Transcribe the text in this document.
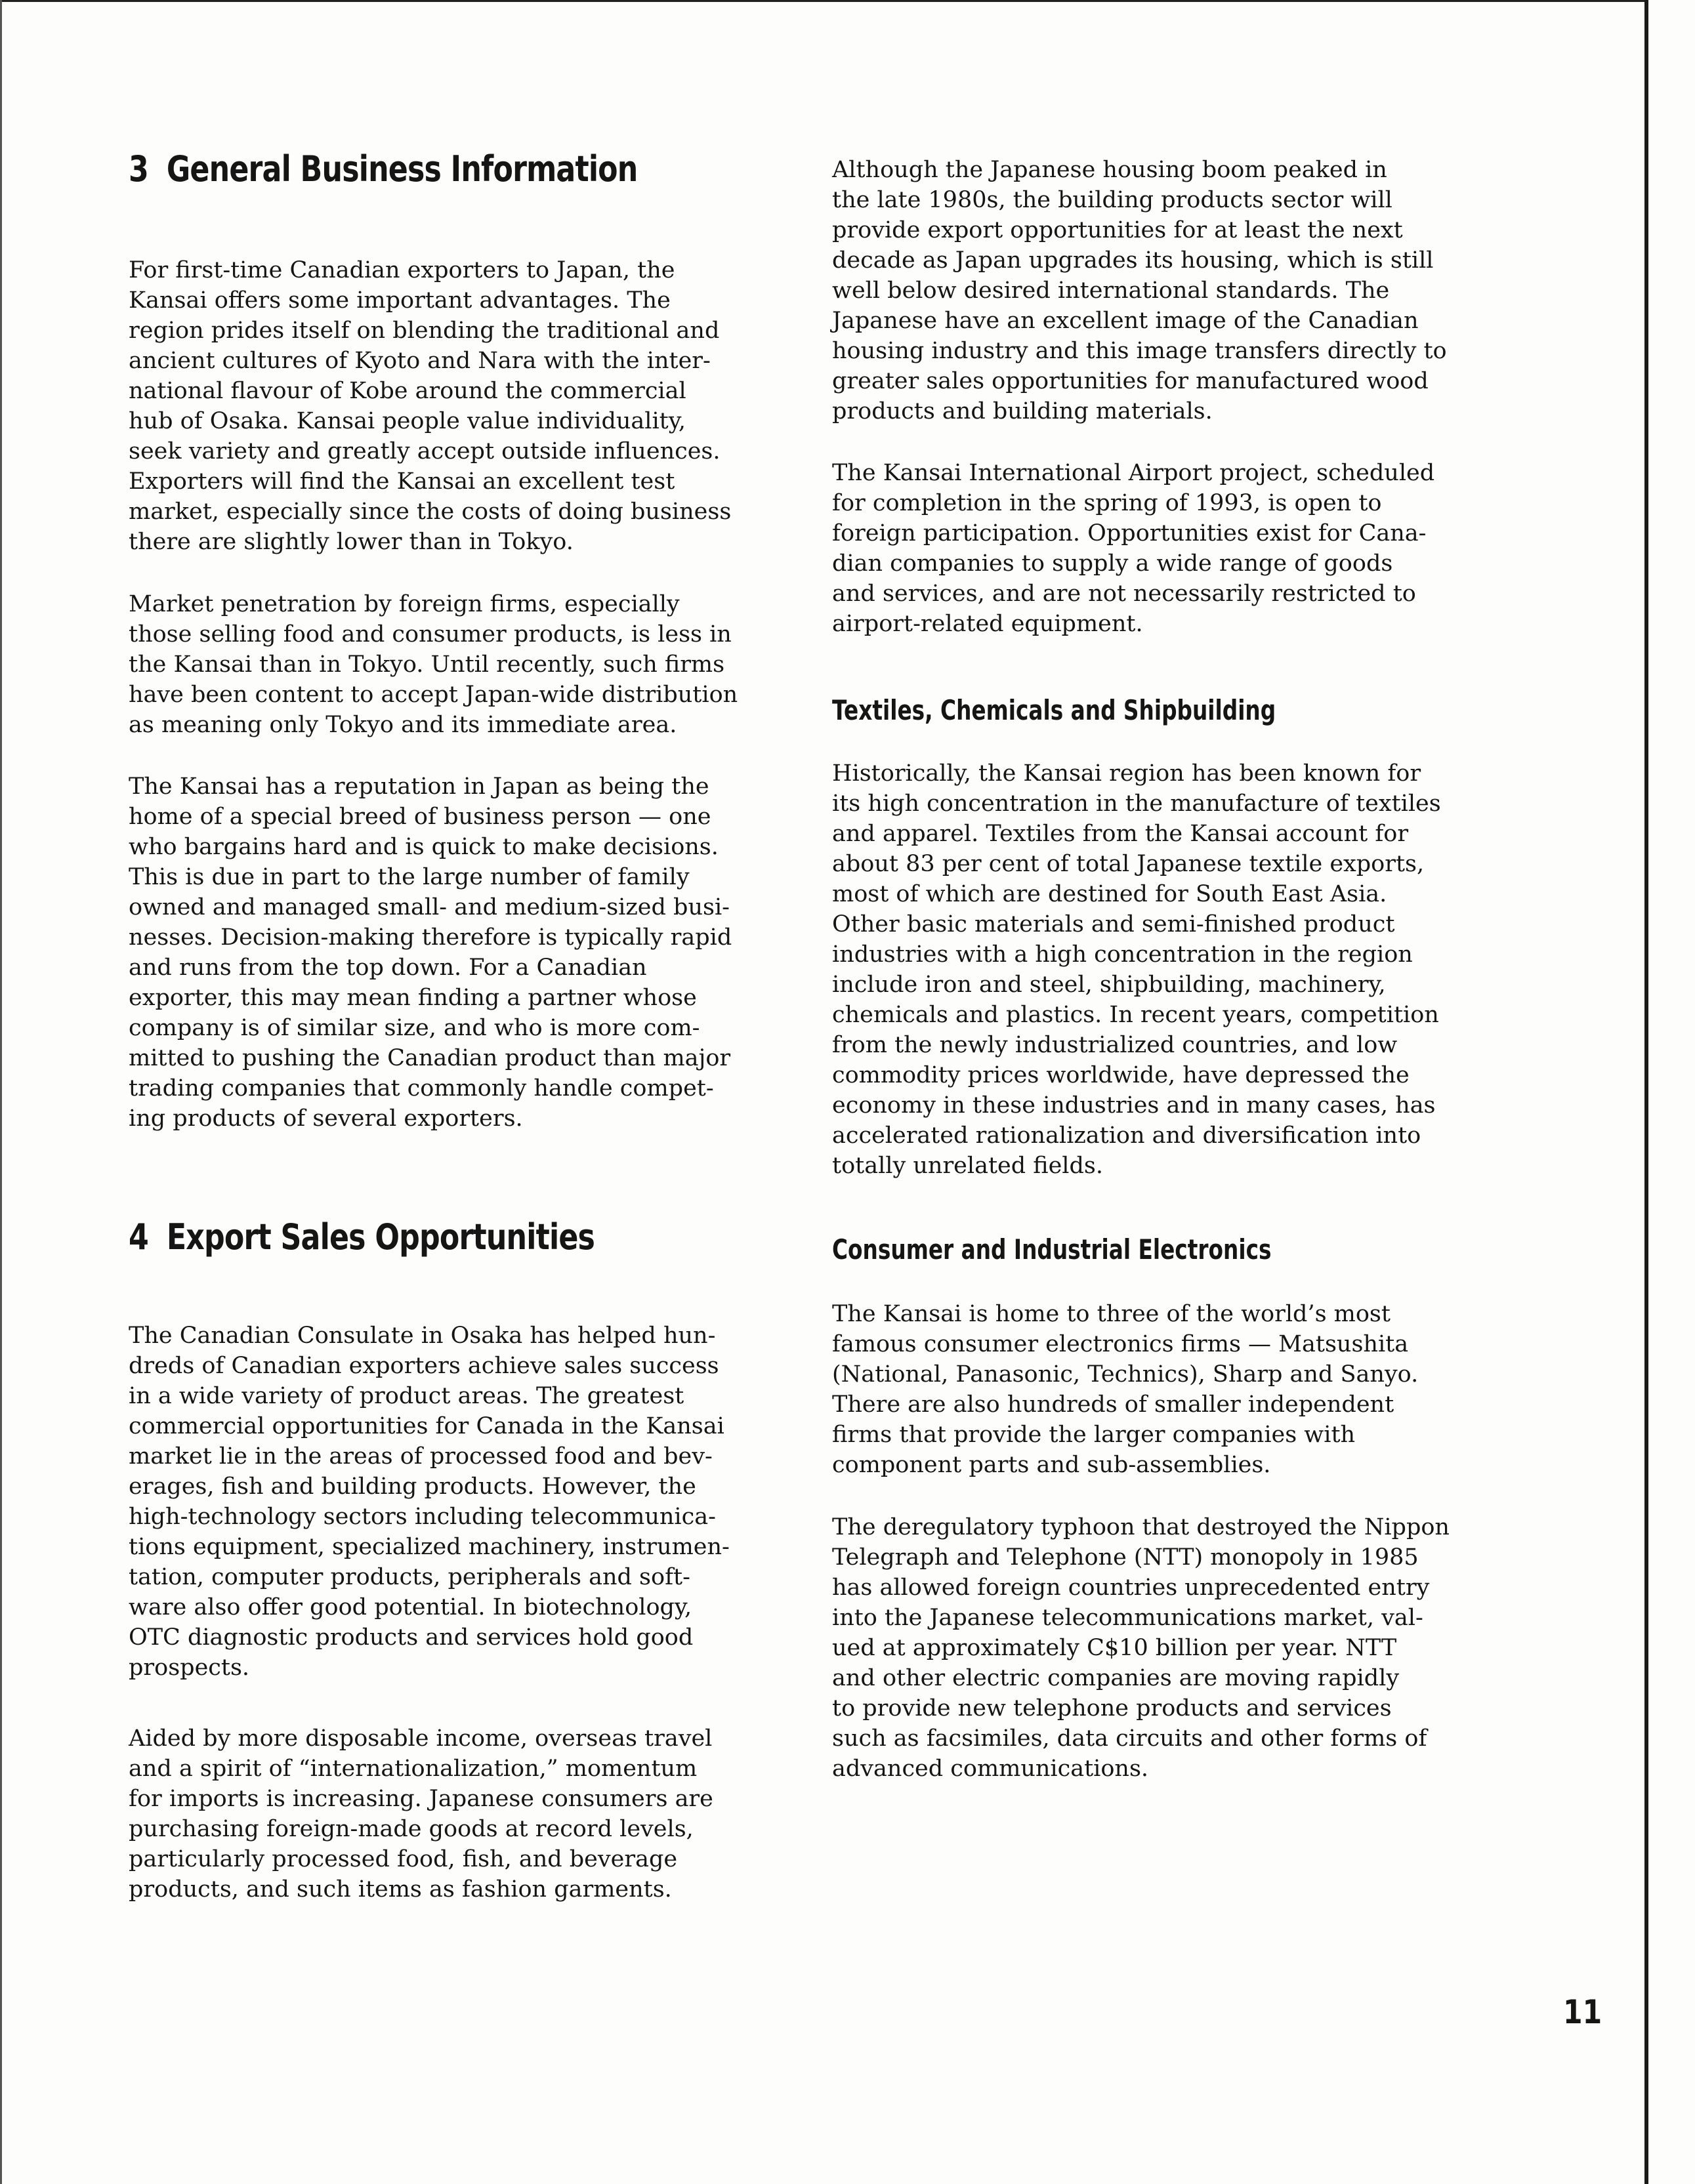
3 General Business Information

For first-time Canadian exporters to Japan, the
Kansai offers some important advantages. The
region prides itself on blending the traditional and
ancient cultures of Kyoto and Nara with the inter-
national flavour of Kobe around the commercial
hub of Osaka. Kansai people value individuality,
seek variety and greatly accept outside influences.
Exporters will find the Kansai an excellent test
market, especially since the costs of doing business
there are slightly lower than in Tokyo.

Market penetration by foreign firms, especially
those selling food and consumer products, is less in
the Kansai than in Tokyo. Until recently, such firms
have been content to accept Japan-wide distribution
as meaning only Tokyo and its immediate area.

The Kansai has a reputation in Japan as being the
home of a special breed of business person — one
who bargains hard and is quick to make decisions.
This is due in part to the large number of family
owned and managed small- and medium-sized busi-
nesses. Decision-making therefore is typically rapid
and runs from the top down. For a Canadian
exporter, this may mean finding a partner whose
company is of similar size, and who is more com-
mitted to pushing the Canadian product than major
trading companies that commonly handle compet-
ing products of several exporters.

4 Export Sales Opportunities

The Canadian Consulate in Osaka has helped hun-
dreds of Canadian exporters achieve sales success
in a wide variety of product areas. The greatest
commercial opportunities for Canada in the Kansai
market lie in the areas of processed food and bev-
erages, fish and building products. However, the
high-technology sectors including telecommunica-
tions equipment, specialized machinery, instrumen-
tation, computer products, peripherals and soft-
ware also offer good potential. In biotechnology,
OTC diagnostic products and services hold good
prospects.

Aided by more disposable income, overseas travel
and a spirit of “internationalization,” momentum
for imports is increasing. Japanese consumers are
purchasing foreign-made goods at record levels,
particularly processed food, fish, and beverage
products, and such items as fashion garments.

Although the Japanese housing boom peaked in
the late 1980s, the building products sector will
provide export opportunities for at least the next
decade as Japan upgrades its housing, which is still
well below desired international standards. The
Japanese have an excellent image of the Canadian
housing industry and this image transfers directly to
greater sales opportunities for manufactured wood
products and building materials.

The Kansai International Airport project, scheduled
for completion in the spring of 1993, is open to
foreign participation. Opportunities exist for Cana-
dian companies to supply a wide range of goods
and services, and are not necessarily restricted to
airport-related equipment.

Textiles, Chemicals and Shipbuilding

Historically, the Kansai region has been known for
its high concentration in the manufacture of textiles
and apparel. Textiles from the Kansai account for
about 83 per cent of total Japanese textile exports,
most of which are destined for South East Asia.
Other basic materials and semi-finished product
industries with a high concentration in the region
include iron and steel, shipbuilding, machinery,
chemicals and plastics. In recent years, competition
from the newly industrialized countries, and low
commodity prices worldwide, have depressed the
economy in these industries and in many cases, has
accelerated rationalization and diversification into
totally unrelated fields.

Consumer and Industrial Electronics

The Kansai is home to three of the world’s most
famous consumer electronics firms — Matsushita
(National, Panasonic, Technics), Sharp and Sanyo.
There are also hundreds of smaller independent
firms that provide the larger companies with
component parts and sub-assemblies.

The deregulatory typhoon that destroyed the Nippon
Telegraph and Telephone (NTT) monopoly in 1985
has allowed foreign countries unprecedented entry
into the Japanese telecommunications market, val-
ued at approximately C$10 billion per year. NTT
and other electric companies are moving rapidly
to provide new telephone products and services
such as facsimiles, data circuits and other forms of
advanced communications.

11
